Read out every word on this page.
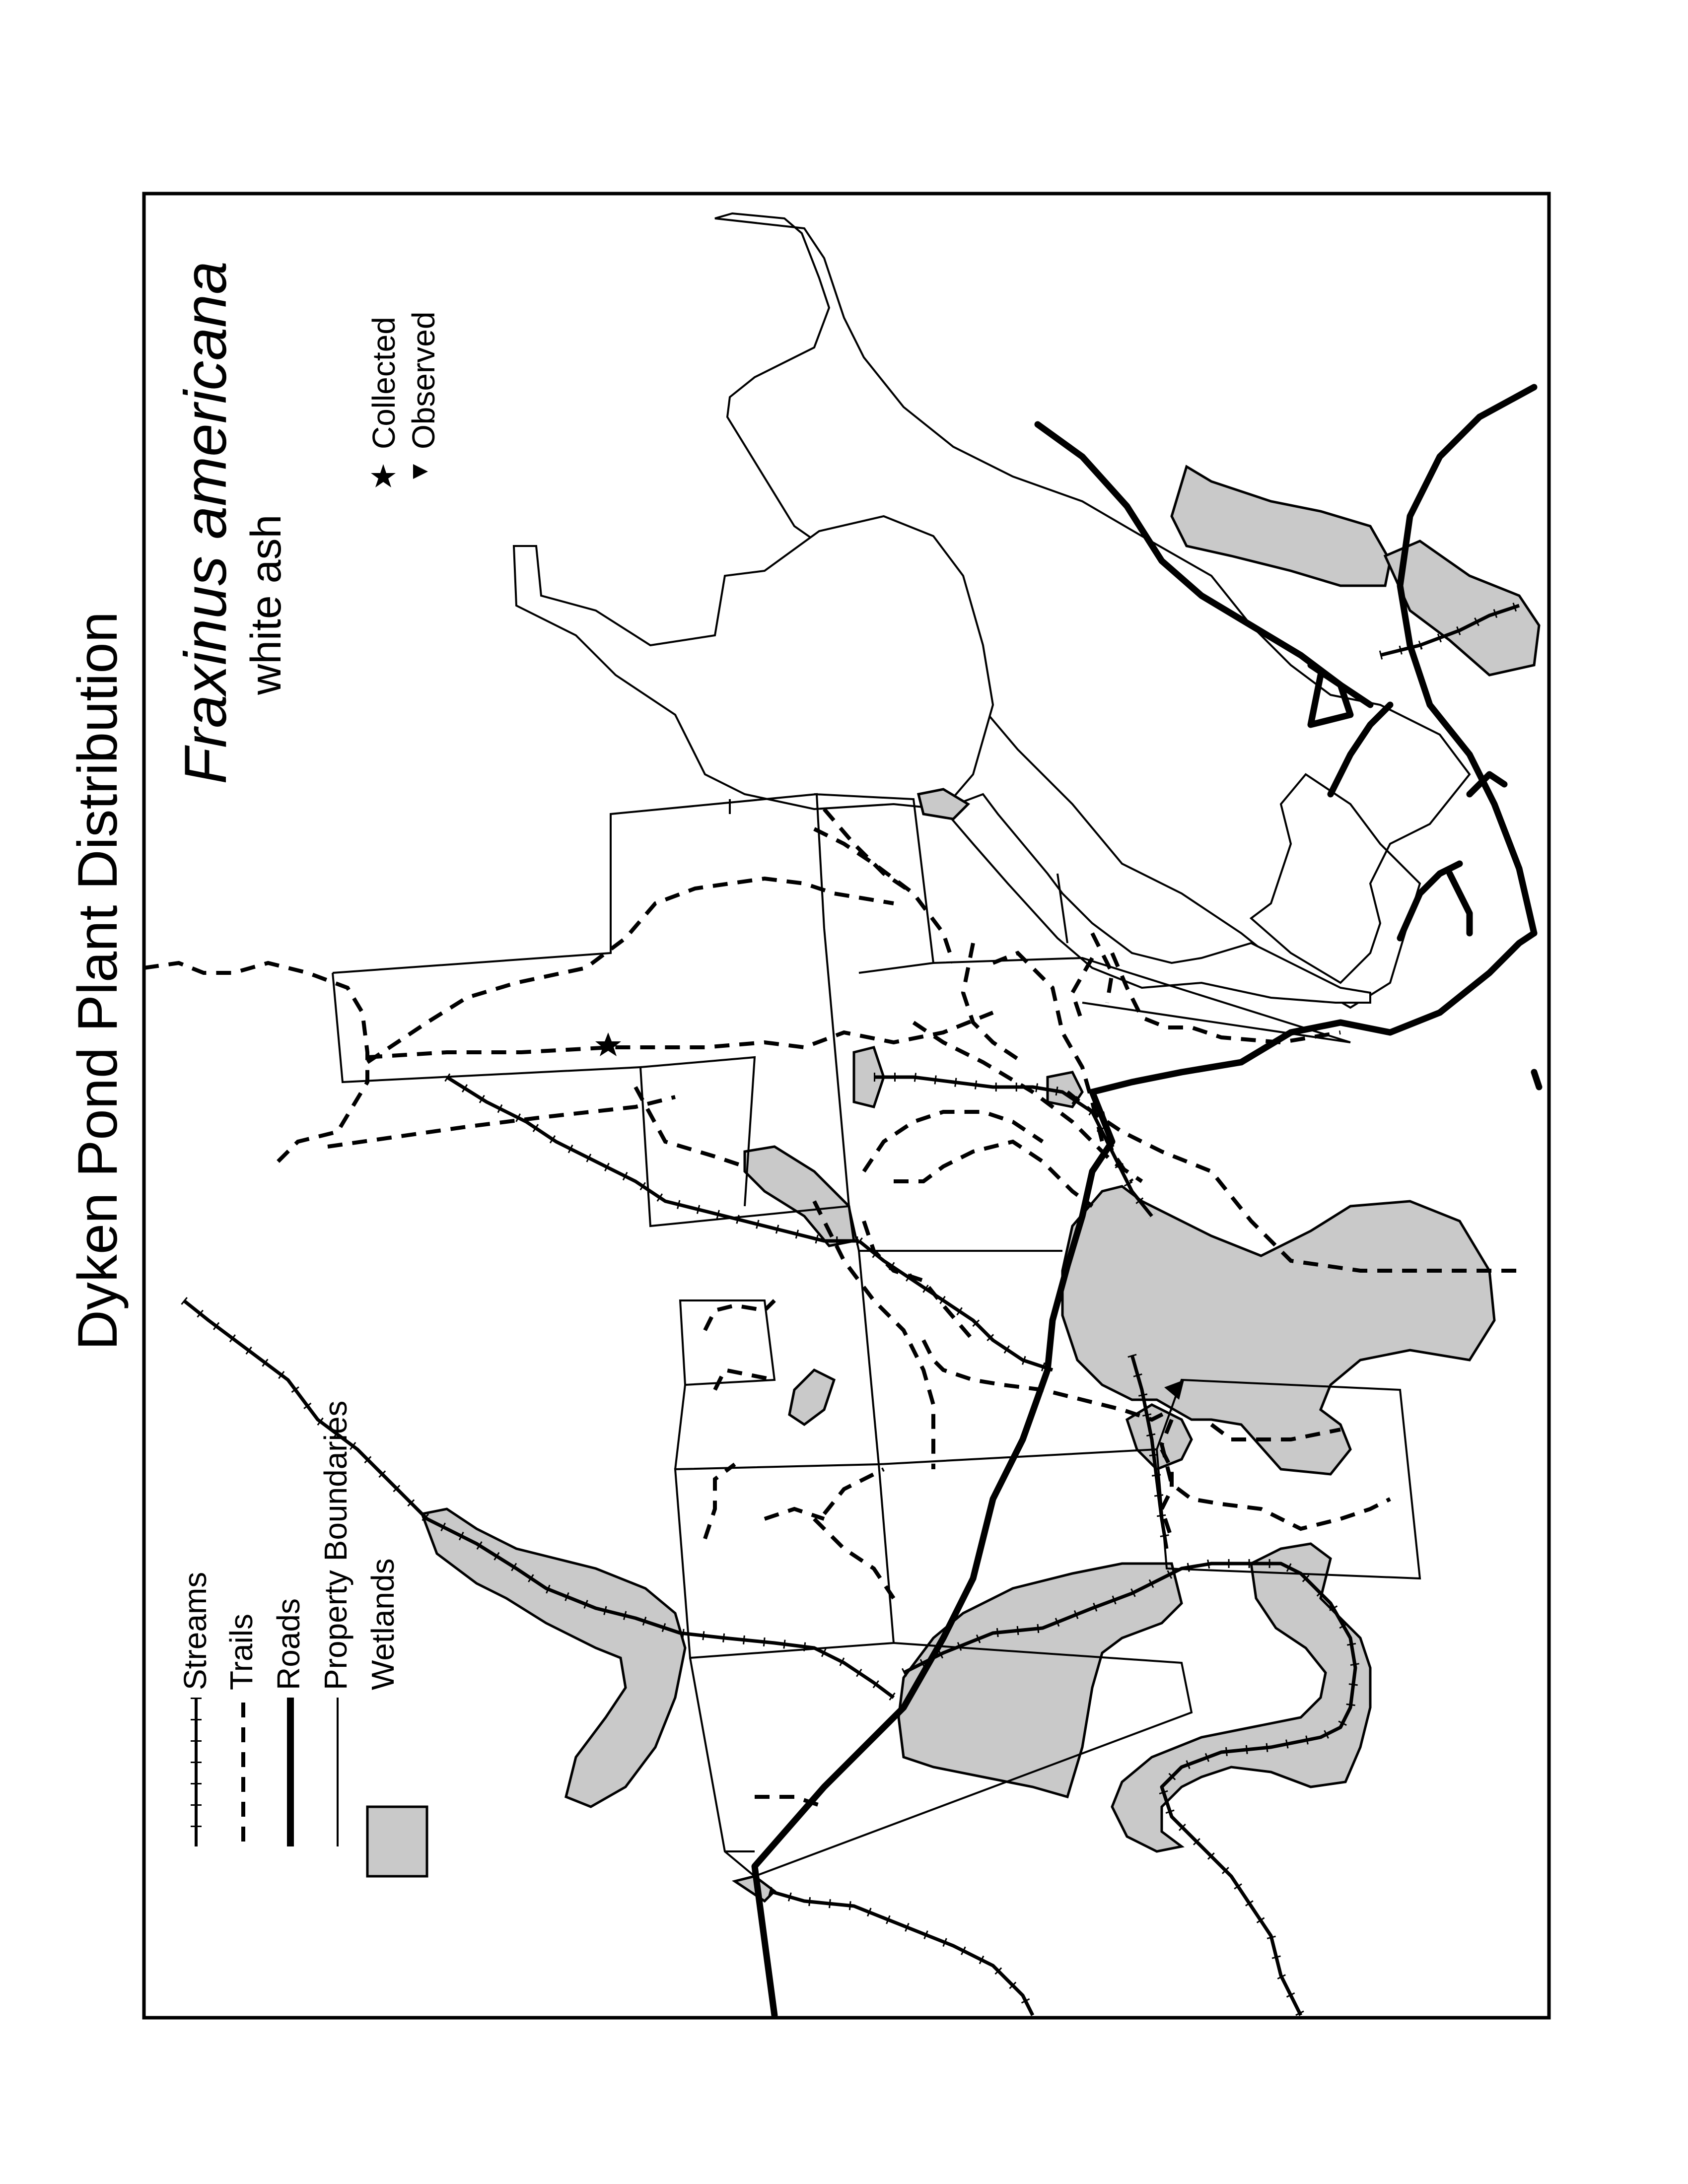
Dyken Pond Plant Distribution
Fraxinus americana white ash
Collected Observed
Streams Trails Roads Property Boundaries Wetlands
